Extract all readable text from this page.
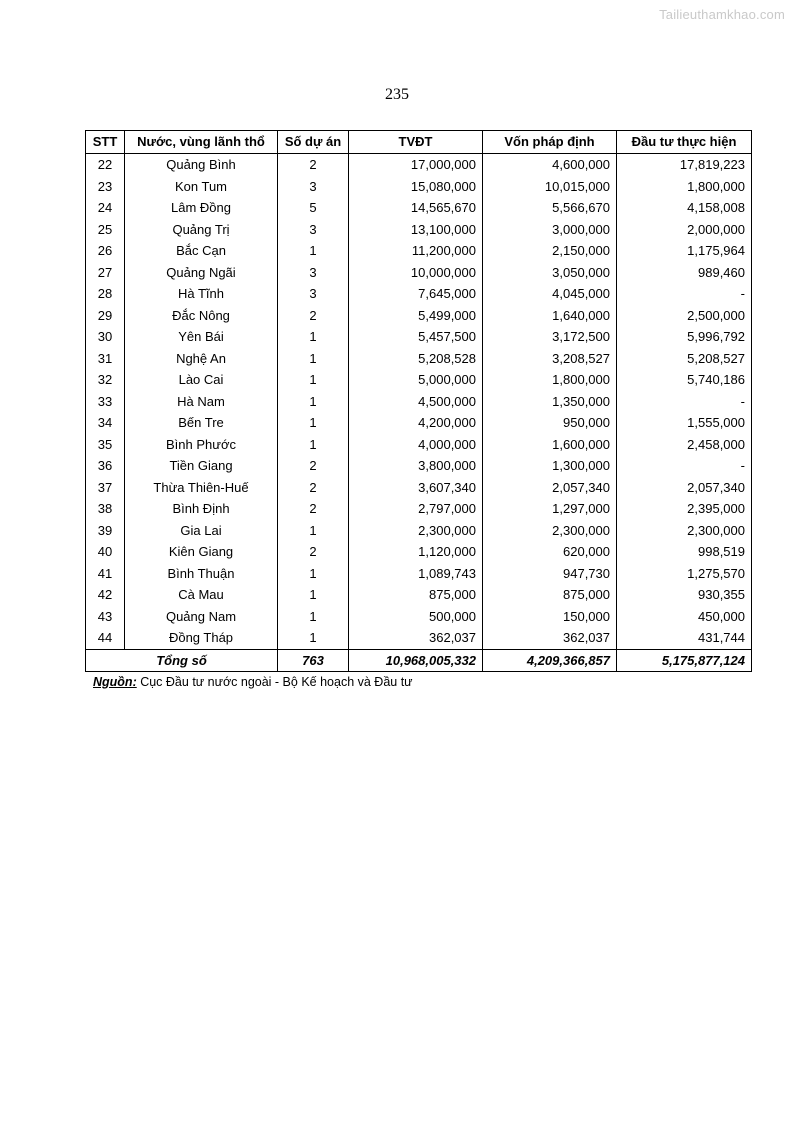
Tailieuthamkhao.com
235
STT	Nước, vùng lãnh thổ	Số dự án	TVĐT	Vốn pháp định	Đầu tư thực hiện
22	Quảng Bình	2	17,000,000	4,600,000	17,819,223
23	Kon Tum	3	15,080,000	10,015,000	1,800,000
24	Lâm Đồng	5	14,565,670	5,566,670	4,158,008
25	Quảng Trị	3	13,100,000	3,000,000	2,000,000
26	Bắc Cạn	1	11,200,000	2,150,000	1,175,964
27	Quảng Ngãi	3	10,000,000	3,050,000	989,460
28	Hà Tĩnh	3	7,645,000	4,045,000	-
29	Đắc Nông	2	5,499,000	1,640,000	2,500,000
30	Yên Bái	1	5,457,500	3,172,500	5,996,792
31	Nghệ An	1	5,208,528	3,208,527	5,208,527
32	Lào Cai	1	5,000,000	1,800,000	5,740,186
33	Hà Nam	1	4,500,000	1,350,000	-
34	Bến Tre	1	4,200,000	950,000	1,555,000
35	Bình Phước	1	4,000,000	1,600,000	2,458,000
36	Tiền Giang	2	3,800,000	1,300,000	-
37	Thừa Thiên-Huế	2	3,607,340	2,057,340	2,057,340
38	Bình Định	2	2,797,000	1,297,000	2,395,000
39	Gia Lai	1	2,300,000	2,300,000	2,300,000
40	Kiên Giang	2	1,120,000	620,000	998,519
41	Bình Thuận	1	1,089,743	947,730	1,275,570
42	Cà Mau	1	875,000	875,000	930,355
43	Quảng Nam	1	500,000	150,000	450,000
44	Đồng Tháp	1	362,037	362,037	431,744
Tổng số		763	10,968,005,332	4,209,366,857	5,175,877,124
Nguồn: Cục Đầu tư nước ngoài - Bộ Kế hoạch và Đầu tư
